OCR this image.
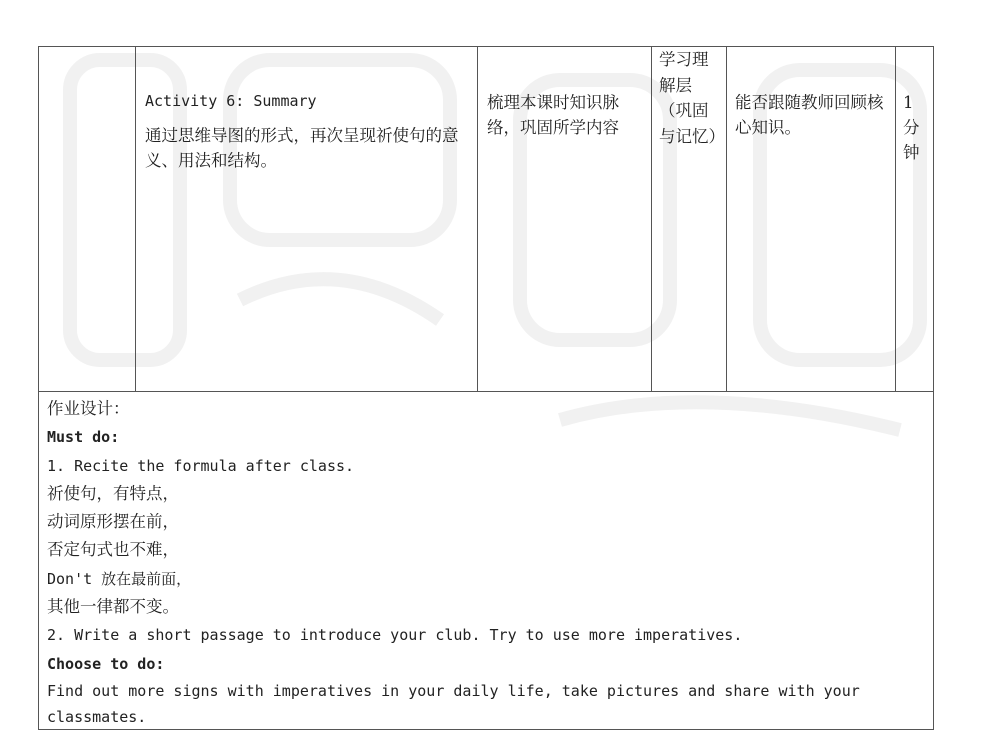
Activity 6: Summary
通过思维导图的形式，再次呈现祈使句的意义、用法和结构。
梳理本课时知识脉络，巩固所学内容
学习理解层（巩固与记忆）
能否跟随教师回顾核心知识。
1分钟
作业设计：
Must do:
1. Recite the formula after class.
祈使句，有特点，
动词原形摆在前，
否定句式也不难，
Don't 放在最前面，
其他一律都不变。
2. Write a short passage to introduce your club. Try to use more imperatives.
Choose to do:
Find out more signs with imperatives in your daily life, take pictures and share with your classmates.
